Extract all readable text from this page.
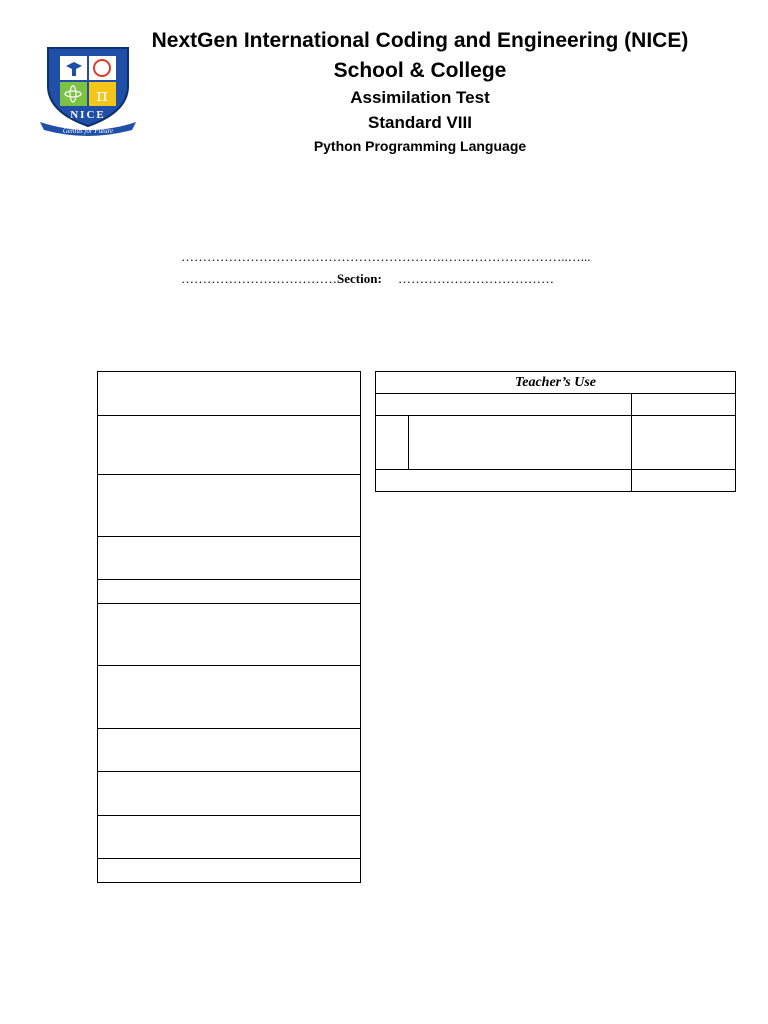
π
NICE
Genius for Future
NextGen International Coding and Engineering (NICE)
School & College
Assimilation Test
Standard VIII
Python Programming Language
…………………………………………………….………………………..…...
………………………………Section: ………………………………
Teacher’s Use
